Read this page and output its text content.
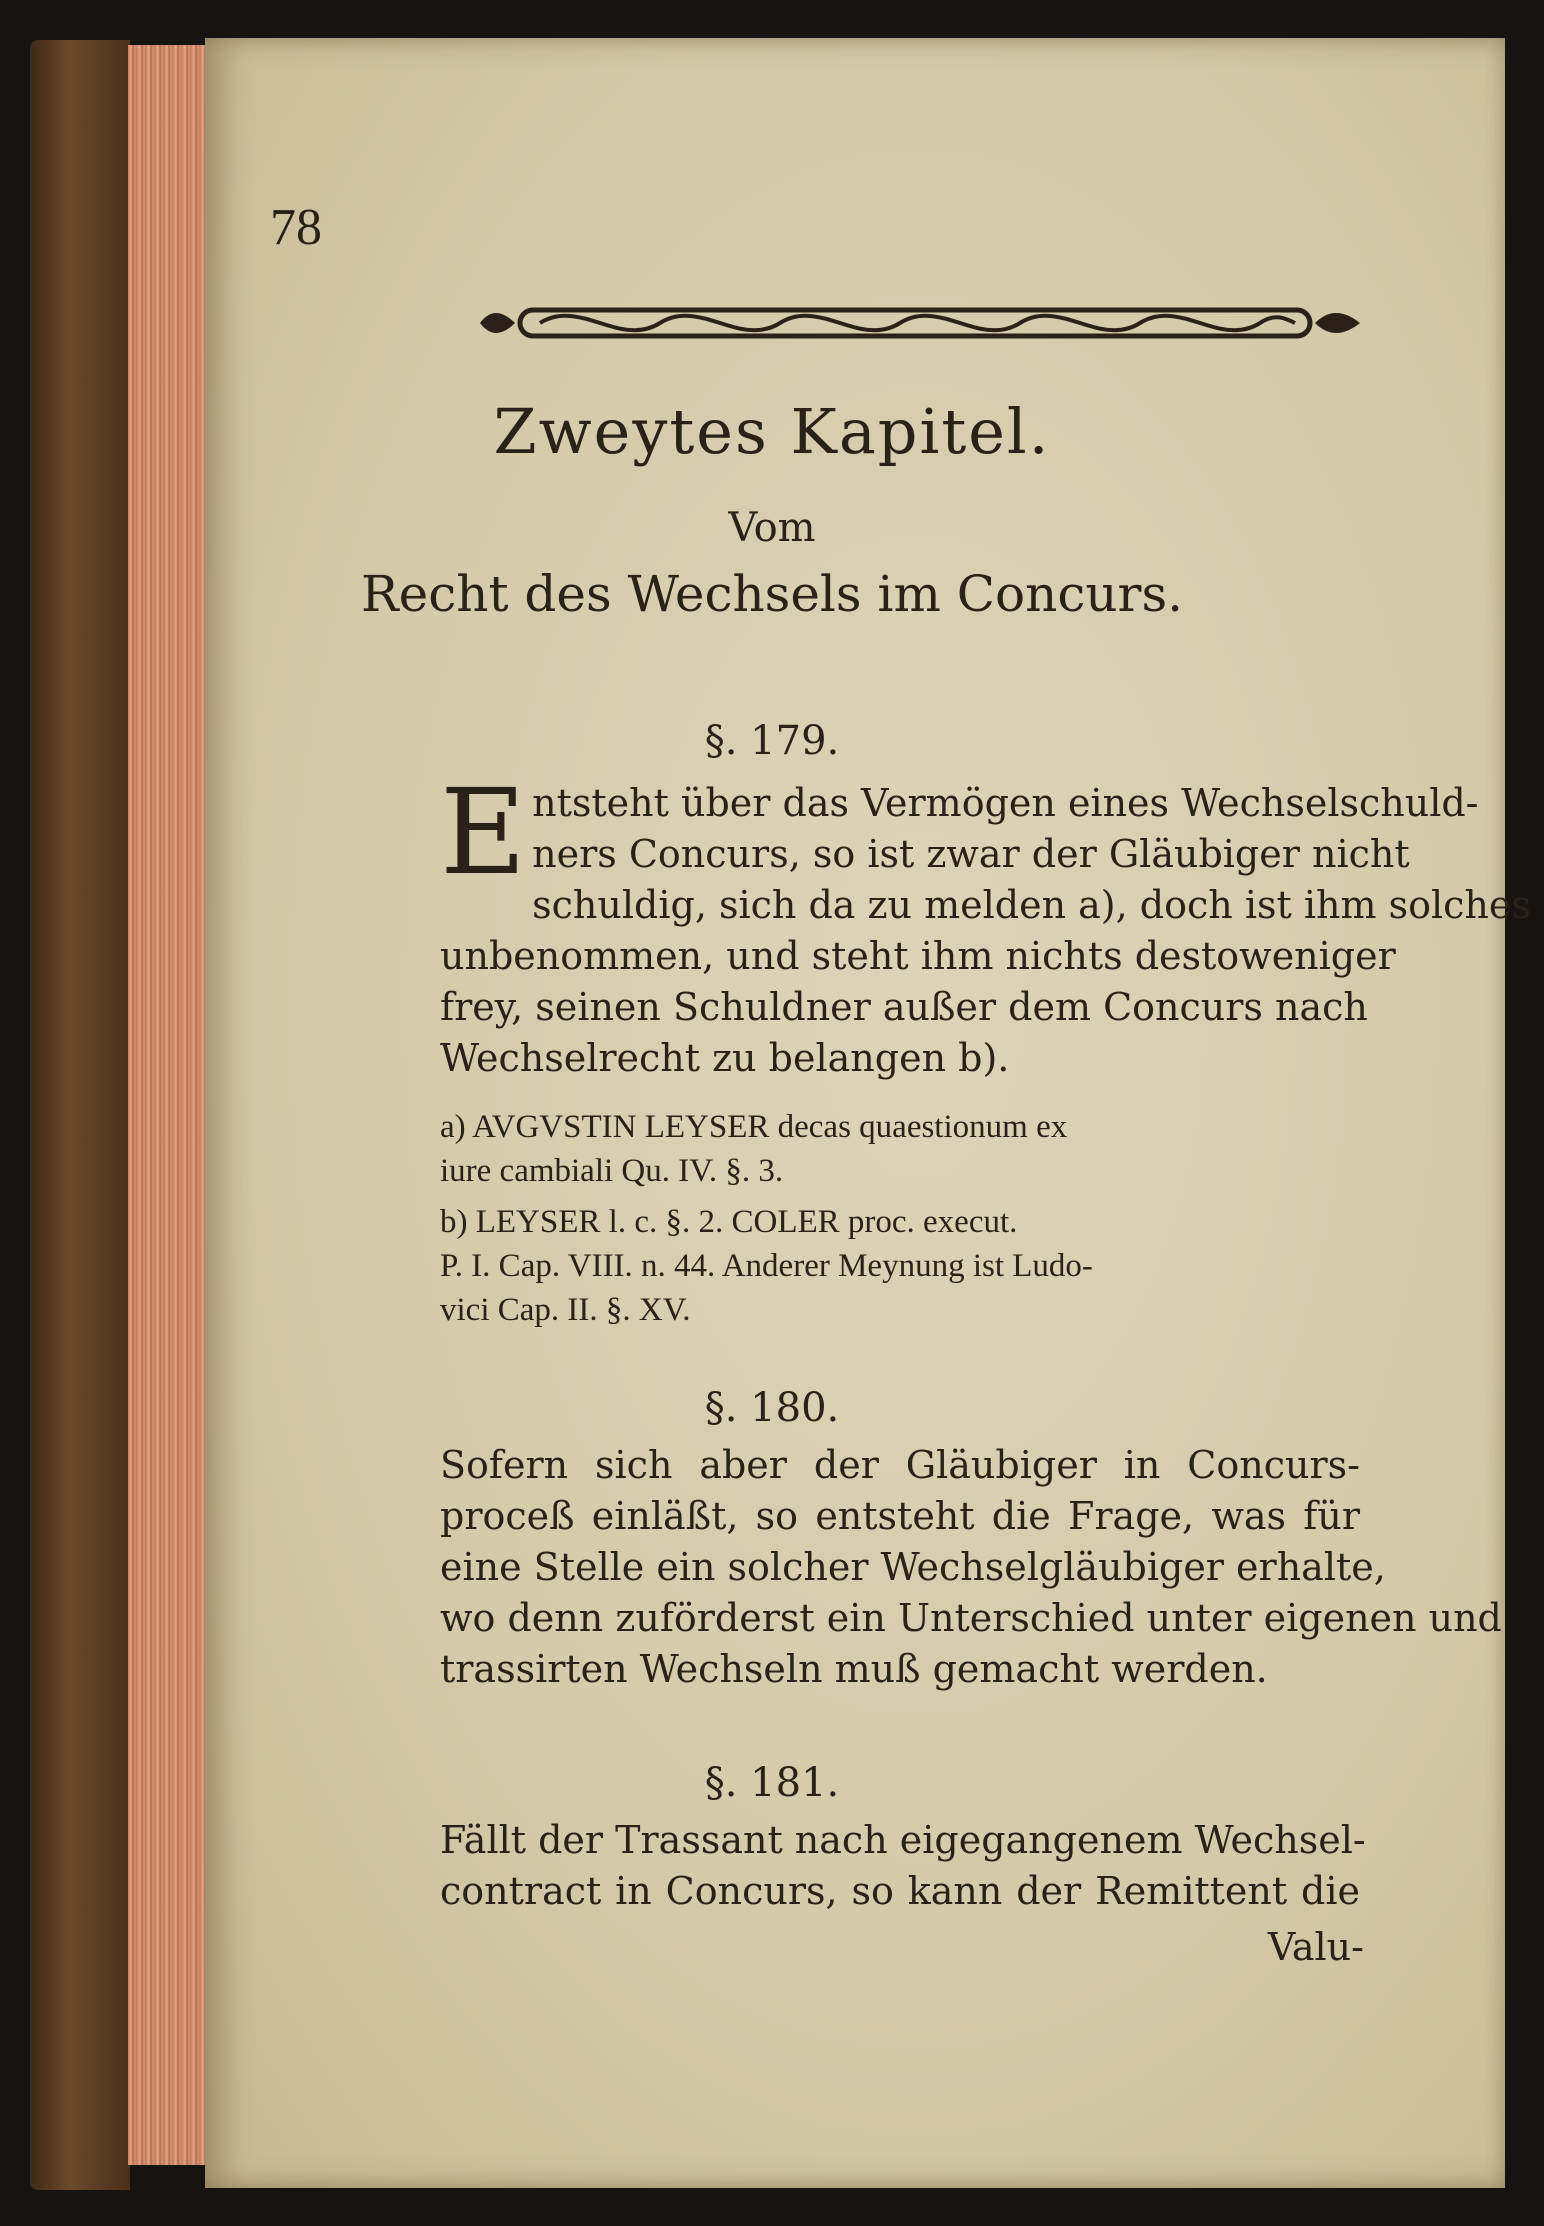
78
Zweytes Kapitel.
Vom
Recht des Wechsels im Concurs.
§. 179.
E ntsteht über das Vermögen eines Wechselschuld-
ners Concurs, so ist zwar der Gläubiger nicht
schuldig, sich da zu melden a), doch ist ihm solches
unbenommen, und steht ihm nichts destoweniger
frey, seinen Schuldner außer dem Concurs nach
Wechselrecht zu belangen b).
a) AVGVSTIN LEYSER decas quaestionum ex
iure cambiali Qu. IV. §. 3.
b) LEYSER l. c. §. 2. COLER proc. execut.
P. I. Cap. VIII. n. 44. Anderer Meynung ist Ludo-
vici Cap. II. §. XV.
§. 180.
Sofern sich aber der Gläubiger in Concurs-
proceß einläßt, so entsteht die Frage, was für
eine Stelle ein solcher Wechselgläubiger erhalte,
wo denn zuförderst ein Unterschied unter eigenen und
trassirten Wechseln muß gemacht werden.
§. 181.
Fällt der Trassant nach eigegangenem Wechsel-
contract in Concurs, so kann der Remittent die
Valu-
